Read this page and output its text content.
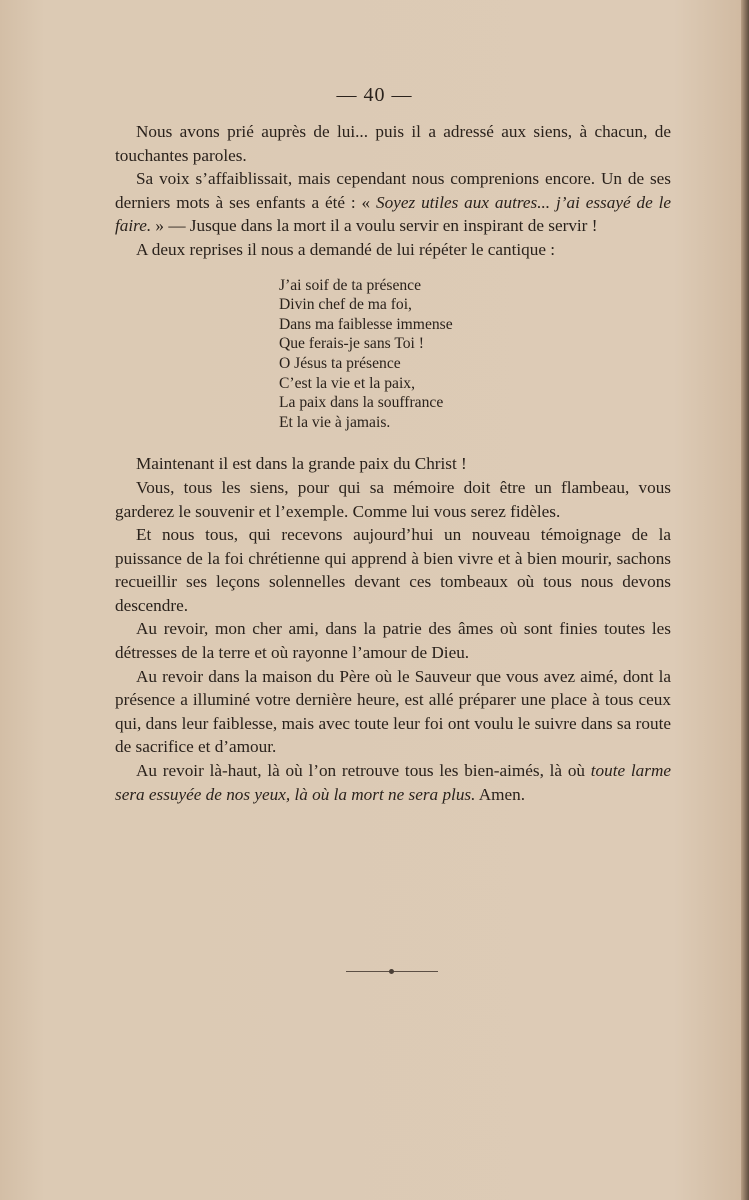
— 40 —

Nous avons prié auprès de lui... puis il a adressé aux siens, à chacun, de touchantes paroles.

Sa voix s’affaiblissait, mais cependant nous comprenions encore. Un de ses derniers mots à ses enfants a été : « Soyez utiles aux autres... j’ai essayé de le faire. » — Jusque dans la mort il a voulu servir en inspirant de servir !

A deux reprises il nous a demandé de lui répéter le cantique :

J’ai soif de ta présence
Divin chef de ma foi,
Dans ma faiblesse immense
Que ferais-je sans Toi !
O Jésus ta présence
C’est la vie et la paix,
La paix dans la souffrance
Et la vie à jamais.

Maintenant il est dans la grande paix du Christ !

Vous, tous les siens, pour qui sa mémoire doit être un flambeau, vous garderez le souvenir et l’exemple. Comme lui vous serez fidèles.

Et nous tous, qui recevons aujourd’hui un nouveau témoignage de la puissance de la foi chrétienne qui apprend à bien vivre et à bien mourir, sachons recueillir ses leçons solennelles devant ces tombeaux où tous nous devons descendre.

Au revoir, mon cher ami, dans la patrie des âmes où sont finies toutes les détresses de la terre et où rayonne l’amour de Dieu.

Au revoir dans la maison du Père où le Sauveur que vous avez aimé, dont la présence a illuminé votre dernière heure, est allé préparer une place à tous ceux qui, dans leur faiblesse, mais avec toute leur foi ont voulu le suivre dans sa route de sacrifice et d’amour.

Au revoir là-haut, là où l’on retrouve tous les bien-aimés, là où toute larme sera essuyée de nos yeux, là où la mort ne sera plus. Amen.
